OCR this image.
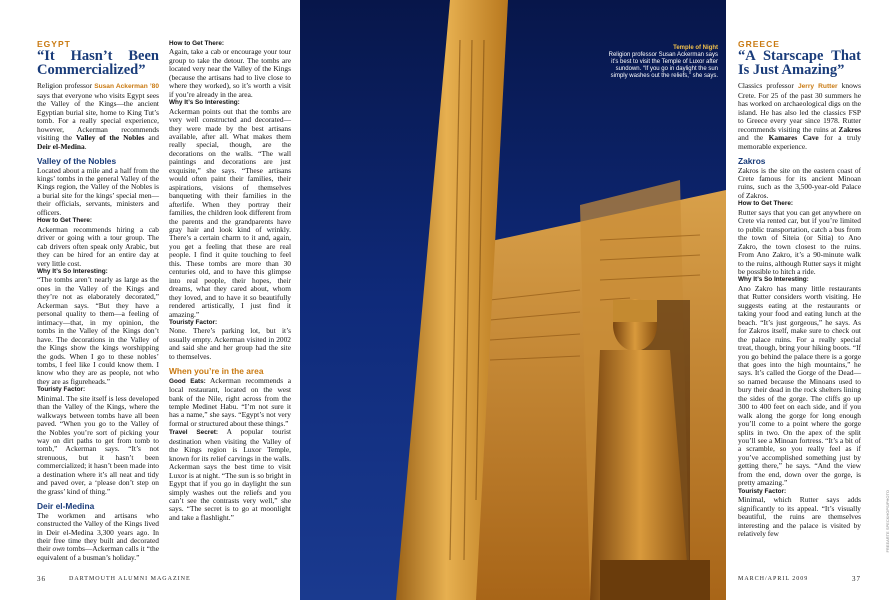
EGYPT
“It Hasn’t Been Commercialized”

Religion professor Susan Ackerman ’80 says that everyone who visits Egypt sees the Valley of the Kings—the ancient Egyptian burial site, home to King Tut’s tomb. For a really special experience, however, Ackerman recommends visiting the Valley of the Nobles and Deir el-Medina.

Valley of the Nobles

Located about a mile and a half from the kings’ tombs in the general Valley of the Kings region, the Valley of the Nobles is a burial site for the kings’ special men—their officials, servants, ministers and officers.

How to Get There:

Ackerman recommends hiring a cab driver or going with a tour group. The cab drivers often speak only Arabic, but they can be hired for an entire day at very little cost.

Why It’s So Interesting:

“The tombs aren’t nearly as large as the ones in the Valley of the Kings and they’re not as elaborately decorated,” Ackerman says. “But they have a personal quality to them—a feeling of intimacy—that, in my opinion, the tombs in the Valley of the Kings don’t have. The decorations in the Valley of the Kings show the kings worshipping the gods. When I go to these nobles’ tombs, I feel like I could know them. I know who they are as people, not who they are as figureheads.”

Touristy Factor:

Minimal. The site itself is less developed than the Valley of the Kings, where the walkways between tombs have all been paved. “When you go to the Valley of the Nobles you’re sort of picking your way on dirt paths to get from tomb to tomb,” Ackerman says. “It’s not strenuous, but it hasn’t been commercialized; it hasn’t been made into a destination where it’s all neat and tidy and paved over, a ‘please don’t step on the grass’ kind of thing.”

Deir el-Medina

The workmen and artisans who constructed the Valley of the Kings lived in Deir el-Medina 3,300 years ago. In their free time they built and decorated their own tombs—Ackerman calls it “the equivalent of a busman’s holiday.”

How to Get There:

Again, take a cab or encourage your tour group to take the detour. The tombs are located very near the Valley of the Kings (because the artisans had to live close to where they worked), so it’s worth a visit if you’re already in the area.

Why It’s So Interesting:

Ackerman points out that the tombs are very well constructed and decorated—they were made by the best artisans available, after all. What makes them really special, though, are the decorations on the walls. “The wall paintings and decorations are just exquisite,” she says. “These artisans would often paint their families, their aspirations, visions of themselves banqueting with their families in the afterlife. When they portray their families, the children look different from the parents and the grandparents have gray hair and look kind of wrinkly. There’s a certain charm to it and, again, you get a feeling that these are real people. I find it quite touching to feel this. These tombs are more than 30 centuries old, and to have this glimpse into real people, their hopes, their dreams, what they cared about, whom they loved, and to have it so beautifully rendered artistically, I just find it amazing.”

Touristy Factor:

None. There’s parking lot, but it’s usually empty. Ackerman visited in 2002 and said she and her group had the site to themselves.

When you’re in the area

Good Eats: Ackerman recommends a local restaurant, located on the west bank of the Nile, right across from the temple Medinet Habu. “I’m not sure it has a name,” she says. “Egypt’s not very formal or structured about these things.”

Travel Secret: A popular tourist destination when visiting the Valley of the Kings region is Luxor Temple, known for its relief carvings in the walls. Ackerman says the best time to visit Luxor is at night. “The sun is so bright in Egypt that if you go in daylight the sun simply washes out the reliefs and you can’t see the contrasts very well,” she says. “The secret is to go at moonlight and take a flashlight.”

Temple of Night
Religion professor Susan Ackerman says it’s best to visit the Temple of Luxor after sundown. “If you go in daylight the sun simply washes out the reliefs,” she says.
GREECE
“A Starscape That Is Just Amazing”

Classics professor Jerry Rutter knows Crete. For 25 of the past 30 summers he has worked on archaeological digs on the island. He has also led the classics FSP to Greece every year since 1978. Rutter recommends visiting the ruins at Zakros and the Kamares Cave for a truly memorable experience.

Zakros

Zakros is the site on the eastern coast of Crete famous for its ancient Minoan ruins, such as the 3,500-year-old Palace of Zakros.

How to Get There:

Rutter says that you can get anywhere on Crete via rented car, but if you’re limited to public transportation, catch a bus from the town of Siteia (or Sitia) to Ano Zakro, the town closest to the ruins. From Ano Zakro, it’s a 90-minute walk to the ruins, although Rutter says it might be possible to hitch a ride.

Why It’s So Interesting:

Ano Zakro has many little restaurants that Rutter considers worth visiting. He suggests eating at the restaurants or taking your food and eating lunch at the beach. “It’s just gorgeous,” he says. As for Zakros itself, make sure to check out the palace ruins. For a really special treat, though, bring your hiking boots. “If you go behind the palace there is a gorge that goes into the high mountains,” he says. It’s called the Gorge of the Dead—so named because the Minoans used to bury their dead in the rock shelters lining the sides of the gorge. The cliffs go up 300 to 400 feet on each side, and if you walk along the gorge for long enough you’ll come to a point where the gorge splits in two. On the apex of the split you’ll see a Minoan fortress. “It’s a bit of a scramble, so you really feel as if you’ve accomplished something just by getting there,” he says. “And the view from the end, down over the gorge, is pretty amazing.”

Touristy Factor:

Minimal, which Rutter says adds significantly to its appeal. “It’s visually beautiful, the ruins are themselves interesting and the palace is visited by relatively few	FREEARTE SPECKHOPS/PHOTO
36	DARTMOUTH ALUMNI MAGAZINE	MARCH/APRIL 2009	37
